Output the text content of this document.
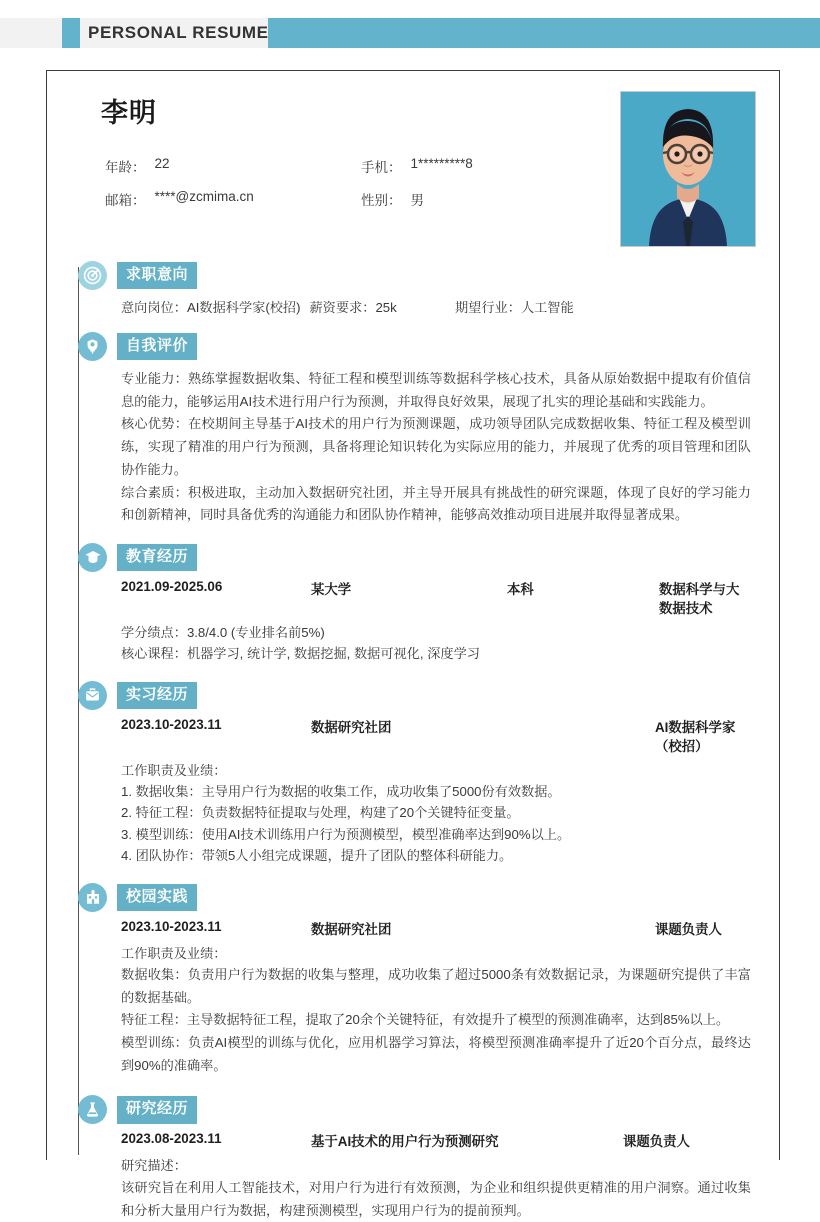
PERSONAL RESUME
李明
年龄： 22	手机： 1*********8
邮箱： ****@zcmima.cn	性别： 男
求职意向
意向岗位：AI数据科学家(校招) 薪资要求：25k	期望行业：人工智能
自我评价
专业能力：熟练掌握数据收集、特征工程和模型训练等数据科学核心技术，具备从原始数据中提取有价值信息的能力，能够运用AI技术进行用户行为预测，并取得良好效果，展现了扎实的理论基础和实践能力。
核心优势：在校期间主导基于AI技术的用户行为预测课题，成功领导团队完成数据收集、特征工程及模型训练，实现了精准的用户行为预测，具备将理论知识转化为实际应用的能力，并展现了优秀的项目管理和团队协作能力。
综合素质：积极进取，主动加入数据研究社团，并主导开展具有挑战性的研究课题，体现了良好的学习能力和创新精神，同时具备优秀的沟通能力和团队协作精神，能够高效推动项目进展并取得显著成果。
教育经历
2021.09-2025.06	某大学	本科	数据科学与大数据技术
学分绩点：3.8/4.0 (专业排名前5%)
核心课程：机器学习, 统计学, 数据挖掘, 数据可视化, 深度学习
实习经历
2023.10-2023.11	数据研究社团	AI数据科学家（校招）
工作职责及业绩：
1. 数据收集：主导用户行为数据的收集工作，成功收集了5000份有效数据。
2. 特征工程：负责数据特征提取与处理，构建了20个关键特征变量。
3. 模型训练：使用AI技术训练用户行为预测模型，模型准确率达到90%以上。
4. 团队协作：带领5人小组完成课题，提升了团队的整体科研能力。
校园实践
2023.10-2023.11	数据研究社团	课题负责人
工作职责及业绩：
数据收集：负责用户行为数据的收集与整理，成功收集了超过5000条有效数据记录，为课题研究提供了丰富的数据基础。
特征工程：主导数据特征工程，提取了20余个关键特征，有效提升了模型的预测准确率，达到85%以上。
模型训练：负责AI模型的训练与优化，应用机器学习算法，将模型预测准确率提升了近20个百分点，最终达到90%的准确率。
研究经历
2023.08-2023.11	基于AI技术的用户行为预测研究	课题负责人
研究描述：
该研究旨在利用人工智能技术，对用户行为进行有效预测，为企业和组织提供更精准的用户洞察。通过收集和分析大量用户行为数据，构建预测模型，实现用户行为的提前预判。
